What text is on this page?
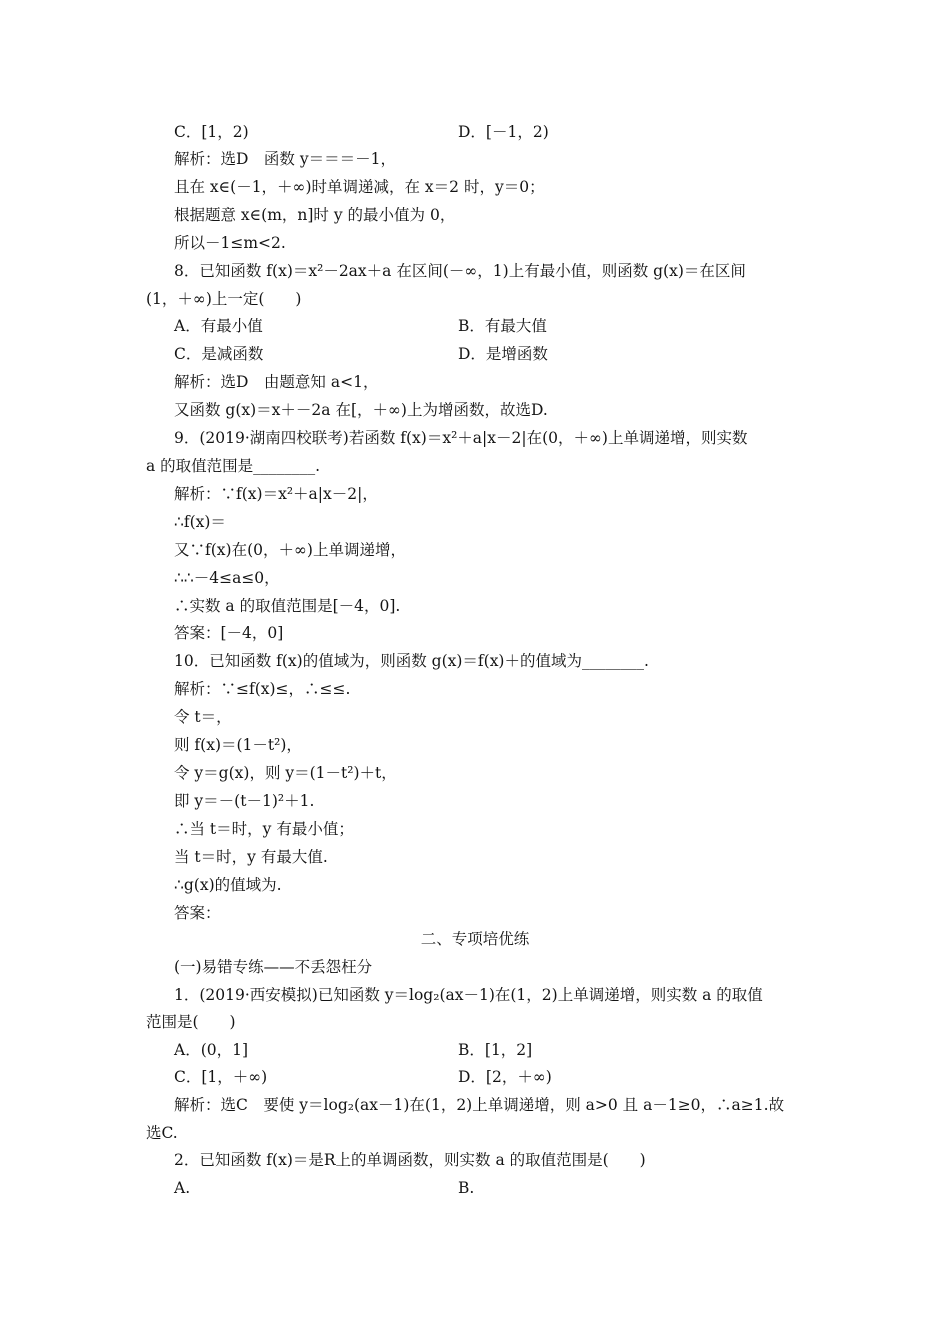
C．[1，2)	D．[－1，2)
解析：选D　函数 y＝＝＝－1，
且在 x∈(－1，＋∞)时单调递减，在 x＝2 时，y＝0；
根据题意 x∈(m，n]时 y 的最小值为 0，
所以－1≤m<2.
8．已知函数 f(x)＝x²－2ax＋a 在区间(－∞，1)上有最小值，则函数 g(x)＝在区间
(1，＋∞)上一定(　　)
A．有最小值	B．有最大值
C．是减函数	D．是增函数
解析：选D　由题意知 a<1，
又函数 g(x)＝x＋－2a 在[，＋∞)上为增函数，故选D.
9．(2019·湖南四校联考)若函数 f(x)＝x²＋a|x－2|在(0，＋∞)上单调递增，则实数
a 的取值范围是________.
解析：∵f(x)＝x²＋a|x－2|，
∴f(x)＝
又∵f(x)在(0，＋∞)上单调递增，
∴∴－4≤a≤0，
∴实数 a 的取值范围是[－4，0].
答案：[－4，0]
10．已知函数 f(x)的值域为，则函数 g(x)＝f(x)＋的值域为________.
解析：∵≤f(x)≤，∴≤≤.
令 t＝，
则 f(x)＝(1－t²)，
令 y＝g(x)，则 y＝(1－t²)＋t，
即 y＝－(t－1)²＋1.
∴当 t＝时，y 有最小值；
当 t＝时，y 有最大值.
∴g(x)的值域为.
答案：
二、专项培优练
(一)易错专练——不丢怨枉分
1．(2019·西安模拟)已知函数 y＝log₂(ax－1)在(1，2)上单调递增，则实数 a 的取值
范围是(　　)
A．(0，1]	B．[1，2]
C．[1，＋∞)	D．[2，＋∞)
解析：选C　要使 y＝log₂(ax－1)在(1，2)上单调递增，则 a>0 且 a－1≥0，∴a≥1.故
选C.
2．已知函数 f(x)＝是R上的单调函数，则实数 a 的取值范围是(　　)
A.	B.
